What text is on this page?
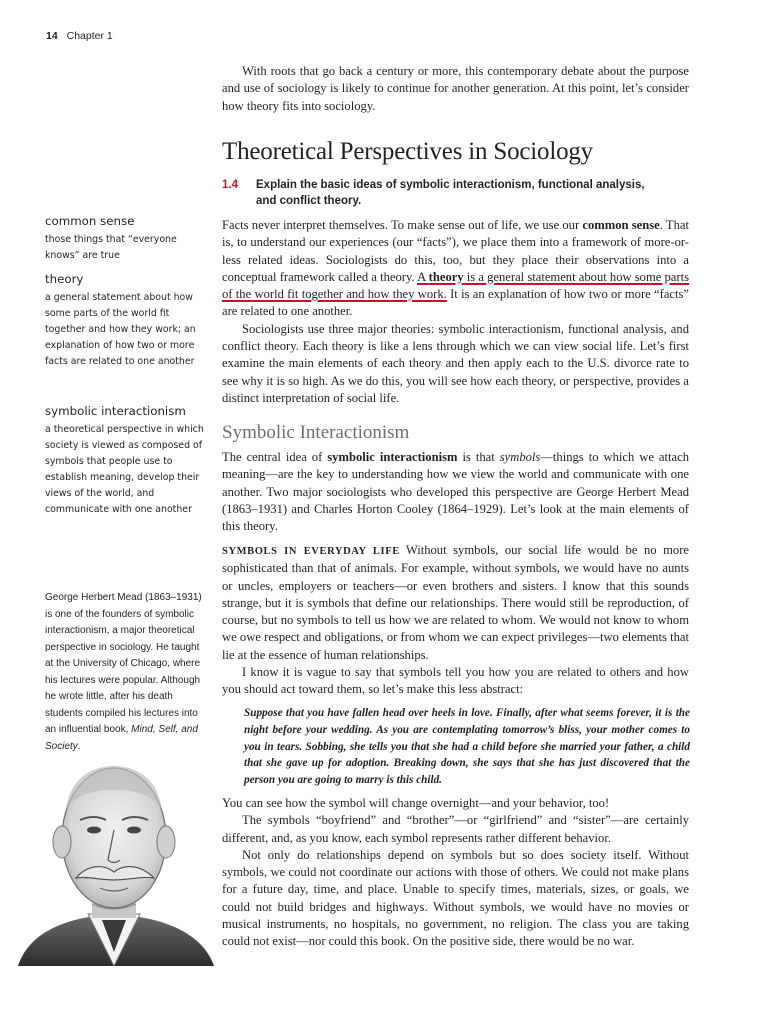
14 Chapter 1

With roots that go back a century or more, this contemporary debate about the purpose and use of sociology is likely to continue for another generation. At this point, let’s consider how theory fits into sociology.

Theoretical Perspectives in Sociology
1.4 Explain the basic ideas of symbolic interactionism, functional analysis,
and conflict theory.

Facts never interpret themselves. To make sense out of life, we use our common sense. That is, to understand our experiences (our “facts”), we place them into a framework of more-or-less related ideas. Sociologists do this, too, but they place their observations into a conceptual framework called a theory. A theory is a general statement about how some parts of the world fit together and how they work. It is an explanation of how two or more “facts” are related to one another.

Sociologists use three major theories: symbolic interactionism, functional analysis, and conflict theory. Each theory is like a lens through which we can view social life. Let’s first examine the main elements of each theory and then apply each to the U.S. divorce rate to see why it is so high. As we do this, you will see how each theory, or perspective, provides a distinct interpretation of social life.

Symbolic Interactionism

The central idea of symbolic interactionism is that symbols—things to which we attach meaning—are the key to understanding how we view the world and communicate with one another. Two major sociologists who developed this perspective are George Herbert Mead (1863–1931) and Charles Horton Cooley (1864–1929). Let’s look at the main elements of this theory.

SYMBOLS IN EVERYDAY LIFE Without symbols, our social life would be no more sophisticated than that of animals. For example, without symbols, we would have no aunts or uncles, employers or teachers—or even brothers and sisters. I know that this sounds strange, but it is symbols that define our relationships. There would still be reproduction, of course, but no symbols to tell us how we are related to whom. We would not know to whom we owe respect and obligations, or from whom we can expect privileges—two elements that lie at the essence of human relationships.

I know it is vague to say that symbols tell you how you are related to others and how you should act toward them, so let’s make this less abstract:

Suppose that you have fallen head over heels in love. Finally, after what seems forever, it is the night before your wedding. As you are contemplating tomorrow’s bliss, your mother comes to you in tears. Sobbing, she tells you that she had a child before she married your father, a child that she gave up for adoption. Breaking down, she says that she has just discovered that the person you are going to marry is this child.

You can see how the symbol will change overnight—and your behavior, too!

The symbols “boyfriend” and “brother”—or “girlfriend” and “sister”—are certainly different, and, as you know, each symbol represents rather different behavior.

Not only do relationships depend on symbols but so does society itself. Without symbols, we could not coordinate our actions with those of others. We could not make plans for a future day, time, and place. Unable to specify times, materials, sizes, or goals, we could not build bridges and highways. Without symbols, we would have no movies or musical instruments, no hospitals, no government, no religion. The class you are taking could not exist—nor could this book. On the positive side, there would be no war.

common sense
those things that “everyone knows” are true
theory
a general statement about how some parts of the world fit together and how they work; an explanation of how two or more facts are related to one another
symbolic interactionism
a theoretical perspective in which society is viewed as composed of symbols that people use to establish meaning, develop their views of the world, and communicate with one another
George Herbert Mead (1863–1931) is one of the founders of symbolic interactionism, a major theoretical perspective in sociology. He taught at the University of Chicago, where his lectures were popular. Although he wrote little, after his death students compiled his lectures into an influential book, Mind, Self, and Society.
